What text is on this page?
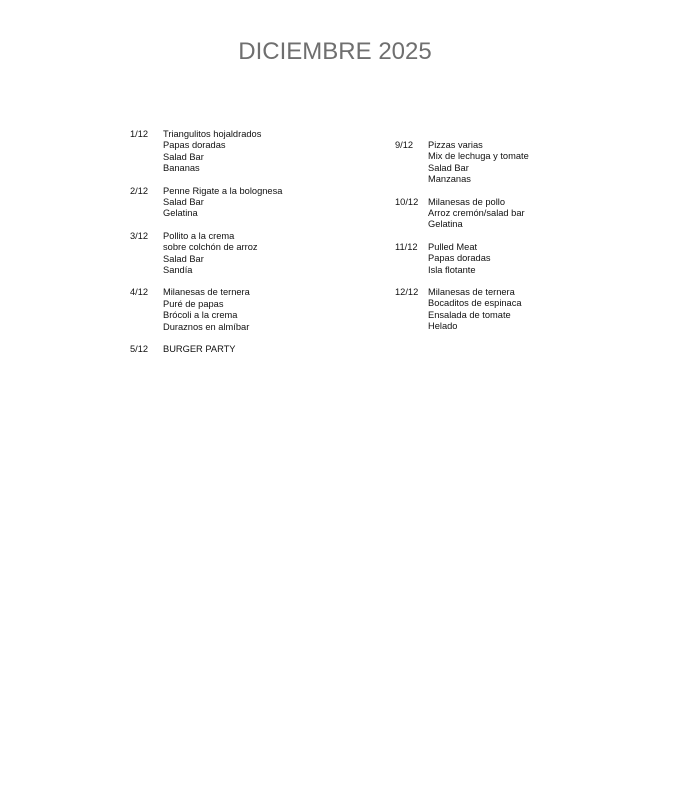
DICIEMBRE 2025
1/12	Triangulitos hojaldrados
Papas doradas
Salad Bar
Bananas
2/12	Penne Rigate a la bolognesa
Salad Bar
Gelatina
3/12	Pollito a la crema
sobre colchón de arroz
Salad Bar
Sandía
4/12	Milanesas de ternera
Puré de papas
Brócoli a la crema
Duraznos en almíbar
5/12	BURGER PARTY
9/12	Pizzas varias
Mix de lechuga y tomate
Salad Bar
Manzanas
10/12	Milanesas de pollo
Arroz cremón/salad bar
Gelatina
11/12	Pulled Meat
Papas doradas
Isla flotante
12/12	Milanesas de ternera
Bocaditos de espinaca
Ensalada de tomate
Helado
